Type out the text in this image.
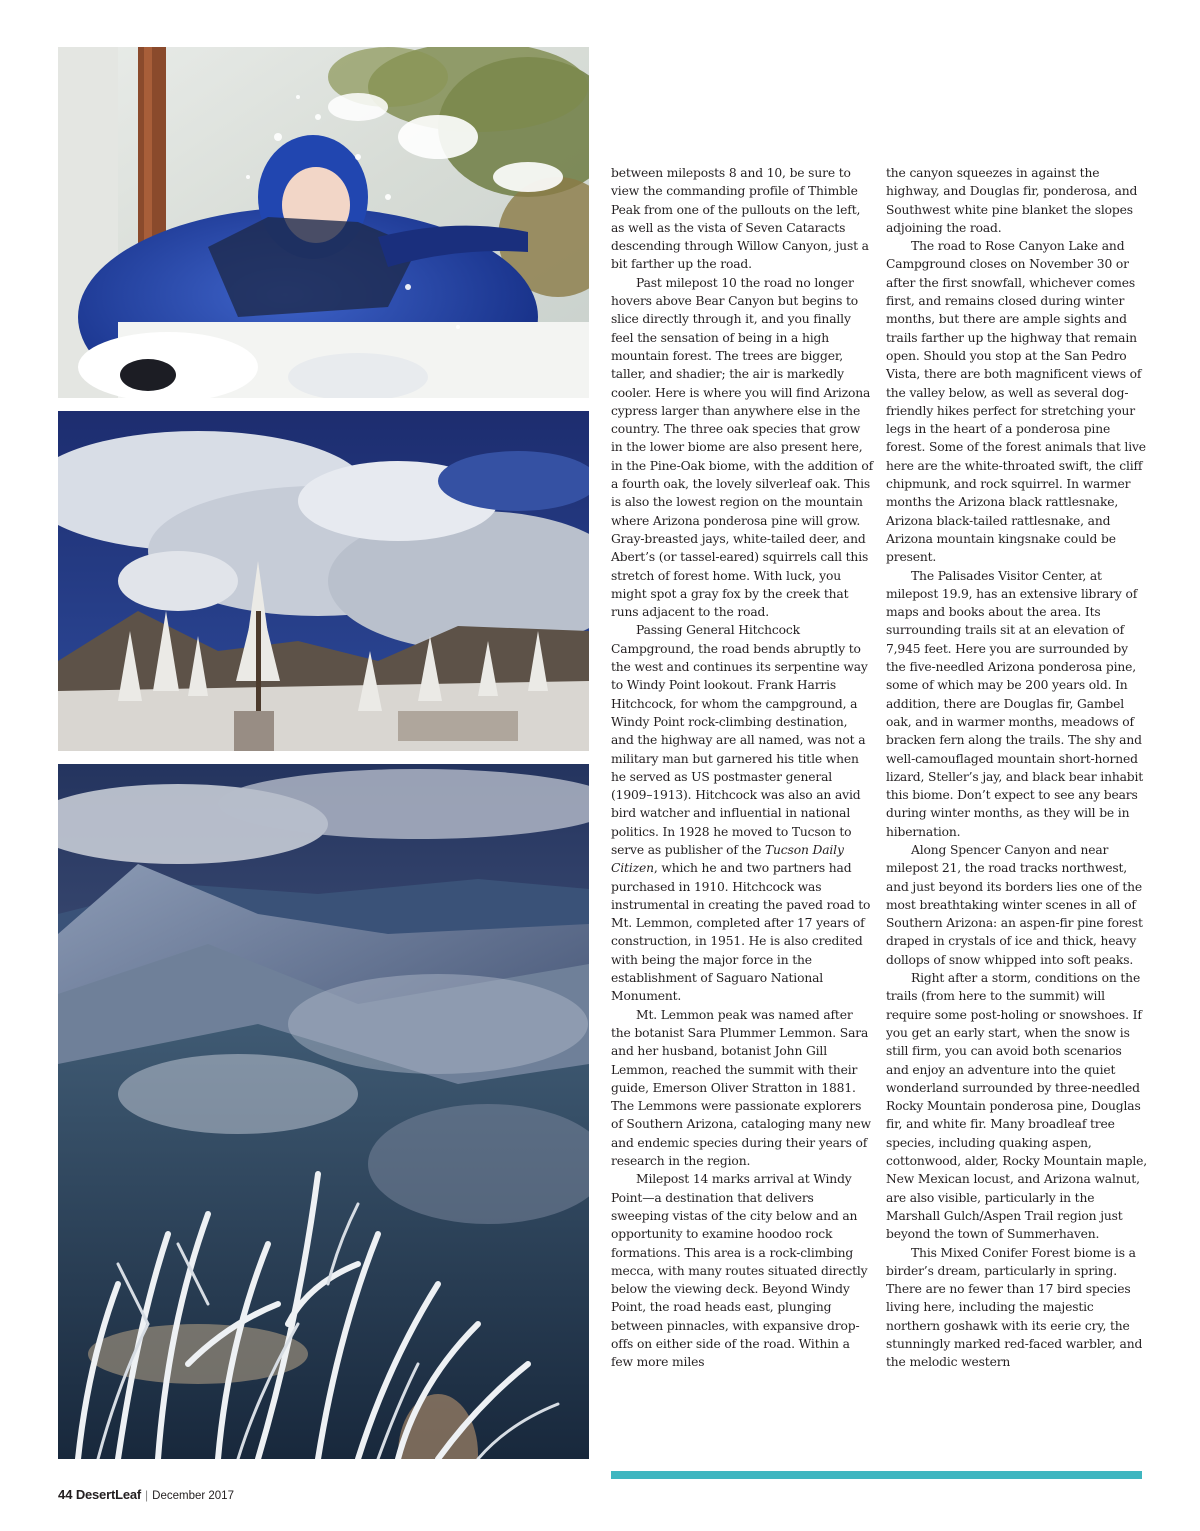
between mileposts 8 and 10, be sure to view the commanding profile of Thimble Peak from one of the pullouts on the left, as well as the vista of Seven Cataracts descending through Willow Canyon, just a bit farther up the road.

Past milepost 10 the road no longer hovers above Bear Canyon but begins to slice directly through it, and you finally feel the sensation of being in a high mountain forest. The trees are bigger, taller, and shadier; the air is markedly cooler. Here is where you will find Arizona cypress larger than anywhere else in the country. The three oak species that grow in the lower biome are also present here, in the Pine-Oak biome, with the addition of a fourth oak, the lovely silverleaf oak. This is also the lowest region on the mountain where Arizona ponderosa pine will grow. Gray-breasted jays, white-tailed deer, and Abert’s (or tassel-eared) squirrels call this stretch of forest home. With luck, you might spot a gray fox by the creek that runs adjacent to the road.

Passing General Hitchcock Campground, the road bends abruptly to the west and continues its serpentine way to Windy Point lookout. Frank Harris Hitchcock, for whom the campground, a Windy Point rock-climbing destination, and the highway are all named, was not a military man but garnered his title when he served as US postmaster general (1909–1913). Hitchcock was also an avid bird watcher and influential in national politics. In 1928 he moved to Tucson to serve as publisher of the Tucson Daily Citizen, which he and two partners had purchased in 1910. Hitchcock was instrumental in creating the paved road to Mt. Lemmon, completed after 17 years of construction, in 1951. He is also credited with being the major force in the establishment of Saguaro National Monument.

Mt. Lemmon peak was named after the botanist Sara Plummer Lemmon. Sara and her husband, botanist John Gill Lemmon, reached the summit with their guide, Emerson Oliver Stratton in 1881. The Lemmons were passionate explorers of Southern Arizona, cataloging many new and endemic species during their years of research in the region.

Milepost 14 marks arrival at Windy Point—a destination that delivers sweeping vistas of the city below and an opportunity to examine hoodoo rock formations. This area is a rock-climbing mecca, with many routes situated directly below the viewing deck. Beyond Windy Point, the road heads east, plunging between pinnacles, with expansive drop-offs on either side of the road. Within a few more miles

the canyon squeezes in against the highway, and Douglas fir, ponderosa, and Southwest white pine blanket the slopes adjoining the road.

The road to Rose Canyon Lake and Campground closes on November 30 or after the first snowfall, whichever comes first, and remains closed during winter months, but there are ample sights and trails farther up the highway that remain open. Should you stop at the San Pedro Vista, there are both magnificent views of the valley below, as well as several dog-friendly hikes perfect for stretching your legs in the heart of a ponderosa pine forest. Some of the forest animals that live here are the white-throated swift, the cliff chipmunk, and rock squirrel. In warmer months the Arizona black rattlesnake, Arizona black-tailed rattlesnake, and Arizona mountain kingsnake could be present.

The Palisades Visitor Center, at milepost 19.9, has an extensive library of maps and books about the area. Its surrounding trails sit at an elevation of 7,945 feet. Here you are surrounded by the five-needled Arizona ponderosa pine, some of which may be 200 years old. In addition, there are Douglas fir, Gambel oak, and in warmer months, meadows of bracken fern along the trails. The shy and well-camouflaged mountain short-horned lizard, Steller’s jay, and black bear inhabit this biome. Don’t expect to see any bears during winter months, as they will be in hibernation.

Along Spencer Canyon and near milepost 21, the road tracks northwest, and just beyond its borders lies one of the most breathtaking winter scenes in all of Southern Arizona: an aspen-fir pine forest draped in crystals of ice and thick, heavy dollops of snow whipped into soft peaks.

Right after a storm, conditions on the trails (from here to the summit) will require some post-holing or snowshoes. If you get an early start, when the snow is still firm, you can avoid both scenarios and enjoy an adventure into the quiet wonderland surrounded by three-needled Rocky Mountain ponderosa pine, Douglas fir, and white fir. Many broadleaf tree species, including quaking aspen, cottonwood, alder, Rocky Mountain maple, New Mexican locust, and Arizona walnut, are also visible, particularly in the Marshall Gulch/Aspen Trail region just beyond the town of Summerhaven.

This Mixed Conifer Forest biome is a birder’s dream, particularly in spring. There are no fewer than 17 bird species living here, including the majestic northern goshawk with its eerie cry, the stunningly marked red-faced warbler, and the melodic western

44 DesertLeaf | December 2017
